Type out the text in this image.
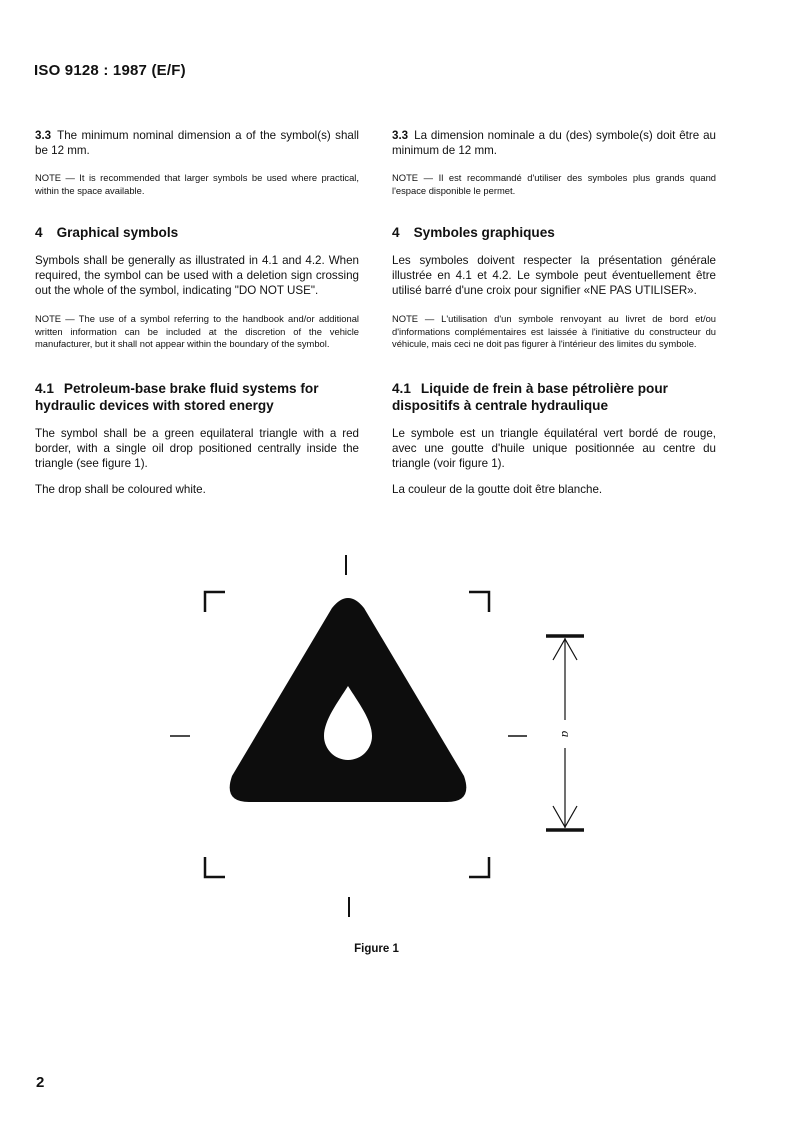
ISO 9128 : 1987 (E/F)

3.3 The minimum nominal dimension a of the symbol(s) shall be 12 mm.

NOTE — It is recommended that larger symbols be used where practical, within the space available.

4 Graphical symbols

Symbols shall be generally as illustrated in 4.1 and 4.2. When required, the symbol can be used with a deletion sign crossing out the whole of the symbol, indicating "DO NOT USE".

NOTE — The use of a symbol referring to the handbook and/or additional written information can be included at the discretion of the vehicle manufacturer, but it shall not appear within the boundary of the symbol.

4.1 Petroleum-base brake fluid systems for hydraulic devices with stored energy

The symbol shall be a green equilateral triangle with a red border, with a single oil drop positioned centrally inside the triangle (see figure 1).

The drop shall be coloured white.

3.3 La dimension nominale a du (des) symbole(s) doit être au minimum de 12 mm.

NOTE — Il est recommandé d'utiliser des symboles plus grands quand l'espace disponible le permet.

4 Symboles graphiques

Les symboles doivent respecter la présentation générale illustrée en 4.1 et 4.2. Le symbole peut éventuellement être utilisé barré d'une croix pour signifier «NE PAS UTILISER».

NOTE — L'utilisation d'un symbole renvoyant au livret de bord et/ou d'informations complémentaires est laissée à l'initiative du constructeur du véhicule, mais ceci ne doit pas figurer à l'intérieur des limites du symbole.

4.1 Liquide de frein à base pétrolière pour dispositifs à centrale hydraulique

Le symbole est un triangle équilatéral vert bordé de rouge, avec une goutte d'huile unique positionnée au centre du triangle (voir figure 1).

La couleur de la goutte doit être blanche.

a
Figure 1
2
